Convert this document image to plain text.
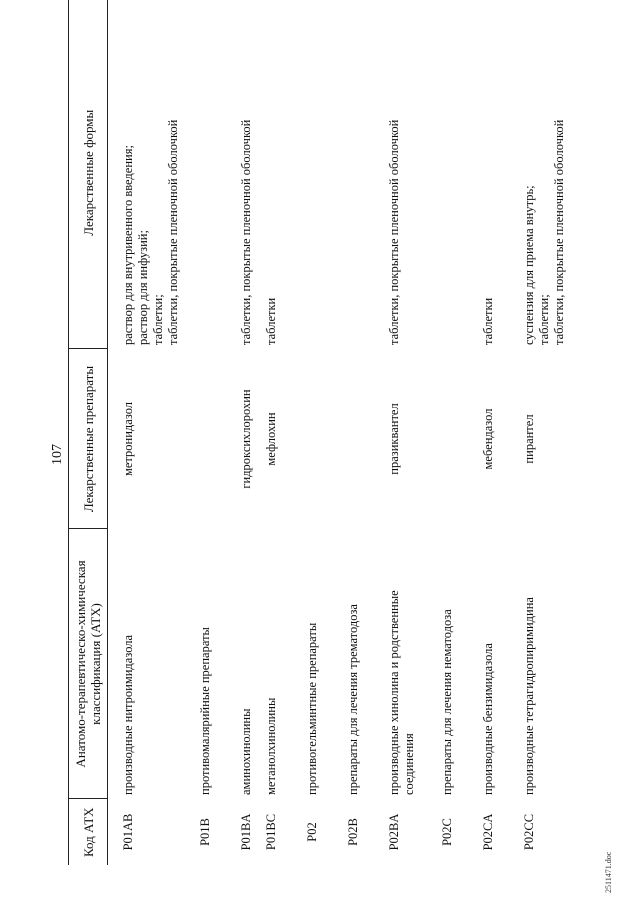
107
Код АТХ	Анатомо-терапевтическо-химическая классификация (АТХ)	Лекарственные препараты	Лекарственные формы

P01AB	производные нитроимидазола	метронидазол	раствор для внутривенного введения; раствор для инфузий; таблетки; таблетки, покрытые пленочной оболочкой

P01B	противомалярийные препараты		
P01BA	аминохинолины	гидроксихлорохин	таблетки, покрытые пленочной оболочкой

P01BC	метанолхинолины	мефлохин	таблетки

P02	противогельминтные препараты		
P02B	препараты для лечения трематодоза		
P02BA	производные хинолина и родственные соединения	празиквантел	таблетки, покрытые пленочной оболочкой

P02C	препараты для лечения нематодоза		
P02CA	производные бензимидазола	мебендазол	таблетки

P02CC	производные тетрагидропиримидина	пирантел	суспензия для приема внутрь; таблетки; таблетки, покрытые пленочной оболочкой
2511471.doc
